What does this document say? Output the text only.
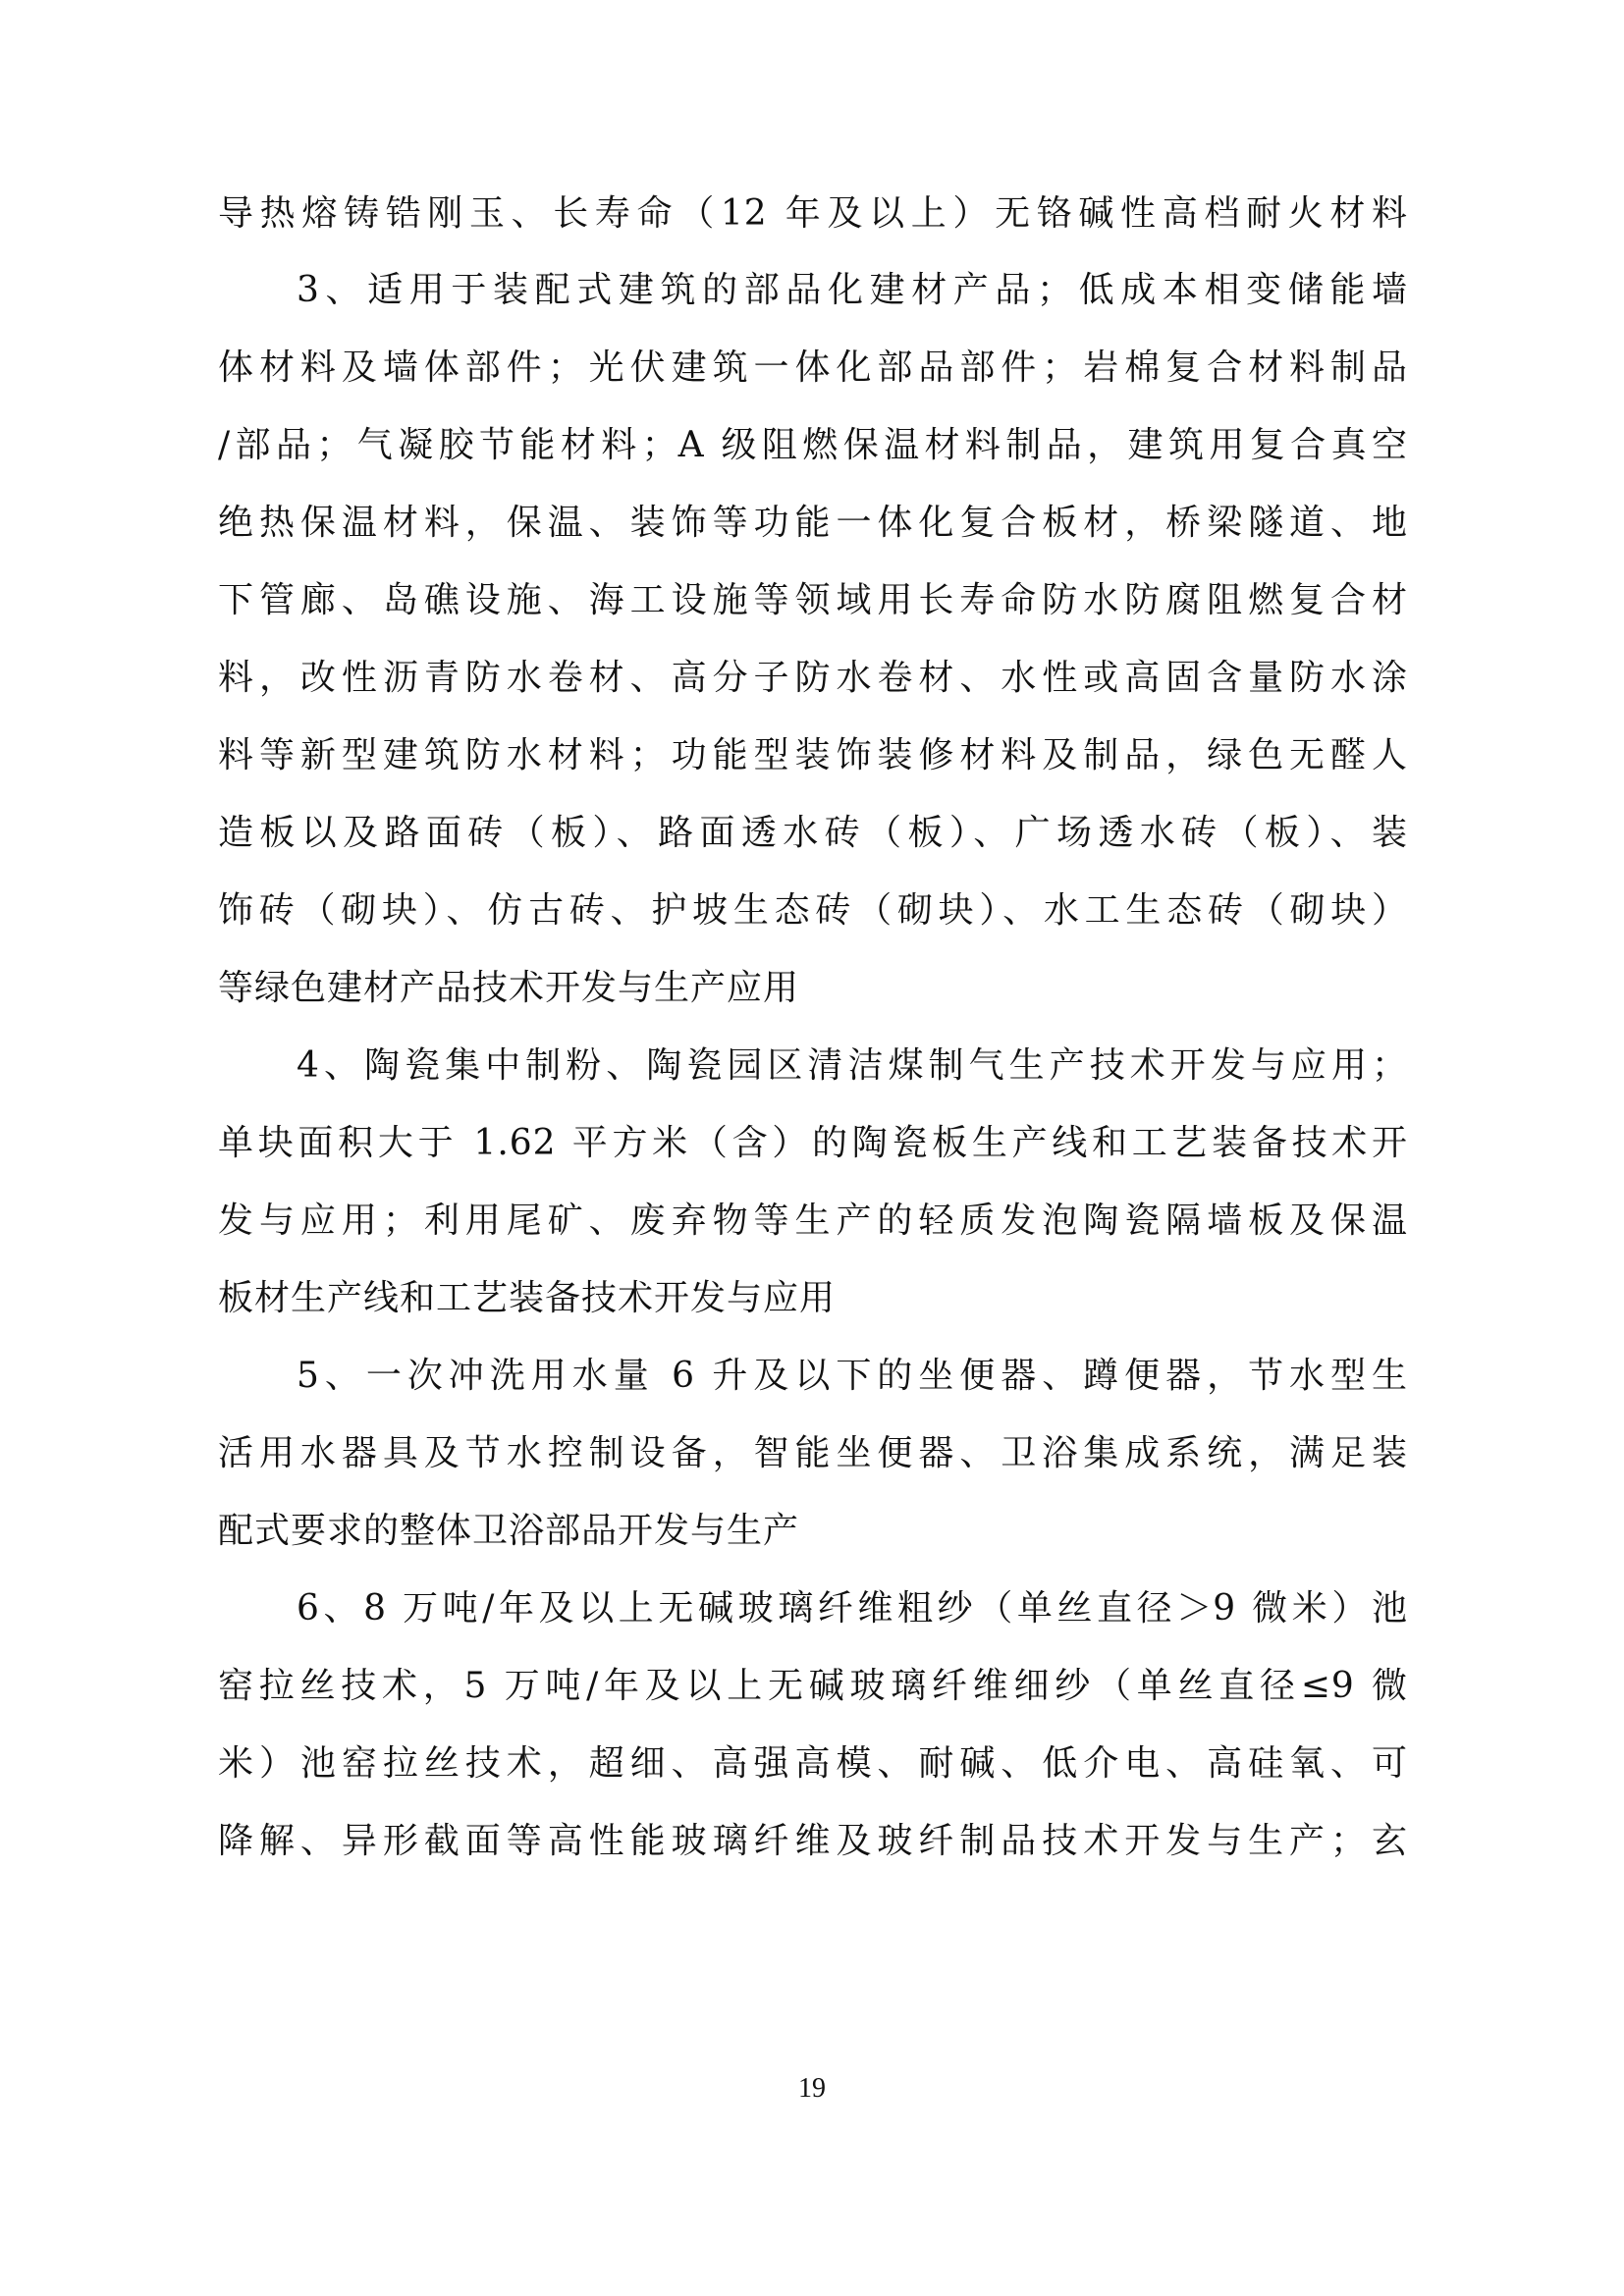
导热熔铸锆刚玉、长寿命（12 年及以上）无铬碱性高档耐火材料
3、适用于装配式建筑的部品化建材产品；低成本相变储能墙
体材料及墙体部件；光伏建筑一体化部品部件；岩棉复合材料制品
/部品；气凝胶节能材料；A 级阻燃保温材料制品，建筑用复合真空
绝热保温材料，保温、装饰等功能一体化复合板材，桥梁隧道、地
下管廊、岛礁设施、海工设施等领域用长寿命防水防腐阻燃复合材
料，改性沥青防水卷材、高分子防水卷材、水性或高固含量防水涂
料等新型建筑防水材料；功能型装饰装修材料及制品，绿色无醛人
造板以及路面砖（板）、路面透水砖（板）、广场透水砖（板）、装
饰砖（砌块）、仿古砖、护坡生态砖（砌块）、水工生态砖（砌块）
等绿色建材产品技术开发与生产应用
4、陶瓷集中制粉、陶瓷园区清洁煤制气生产技术开发与应用；
单块面积大于 1.62 平方米（含）的陶瓷板生产线和工艺装备技术开
发与应用；利用尾矿、废弃物等生产的轻质发泡陶瓷隔墙板及保温
板材生产线和工艺装备技术开发与应用
5、一次冲洗用水量 6 升及以下的坐便器、蹲便器，节水型生
活用水器具及节水控制设备，智能坐便器、卫浴集成系统，满足装
配式要求的整体卫浴部品开发与生产
6、8 万吨/年及以上无碱玻璃纤维粗纱（单丝直径＞9 微米）池
窑拉丝技术，5 万吨/年及以上无碱玻璃纤维细纱（单丝直径≤9 微
米）池窑拉丝技术，超细、高强高模、耐碱、低介电、高硅氧、可
降解、异形截面等高性能玻璃纤维及玻纤制品技术开发与生产；玄
19
